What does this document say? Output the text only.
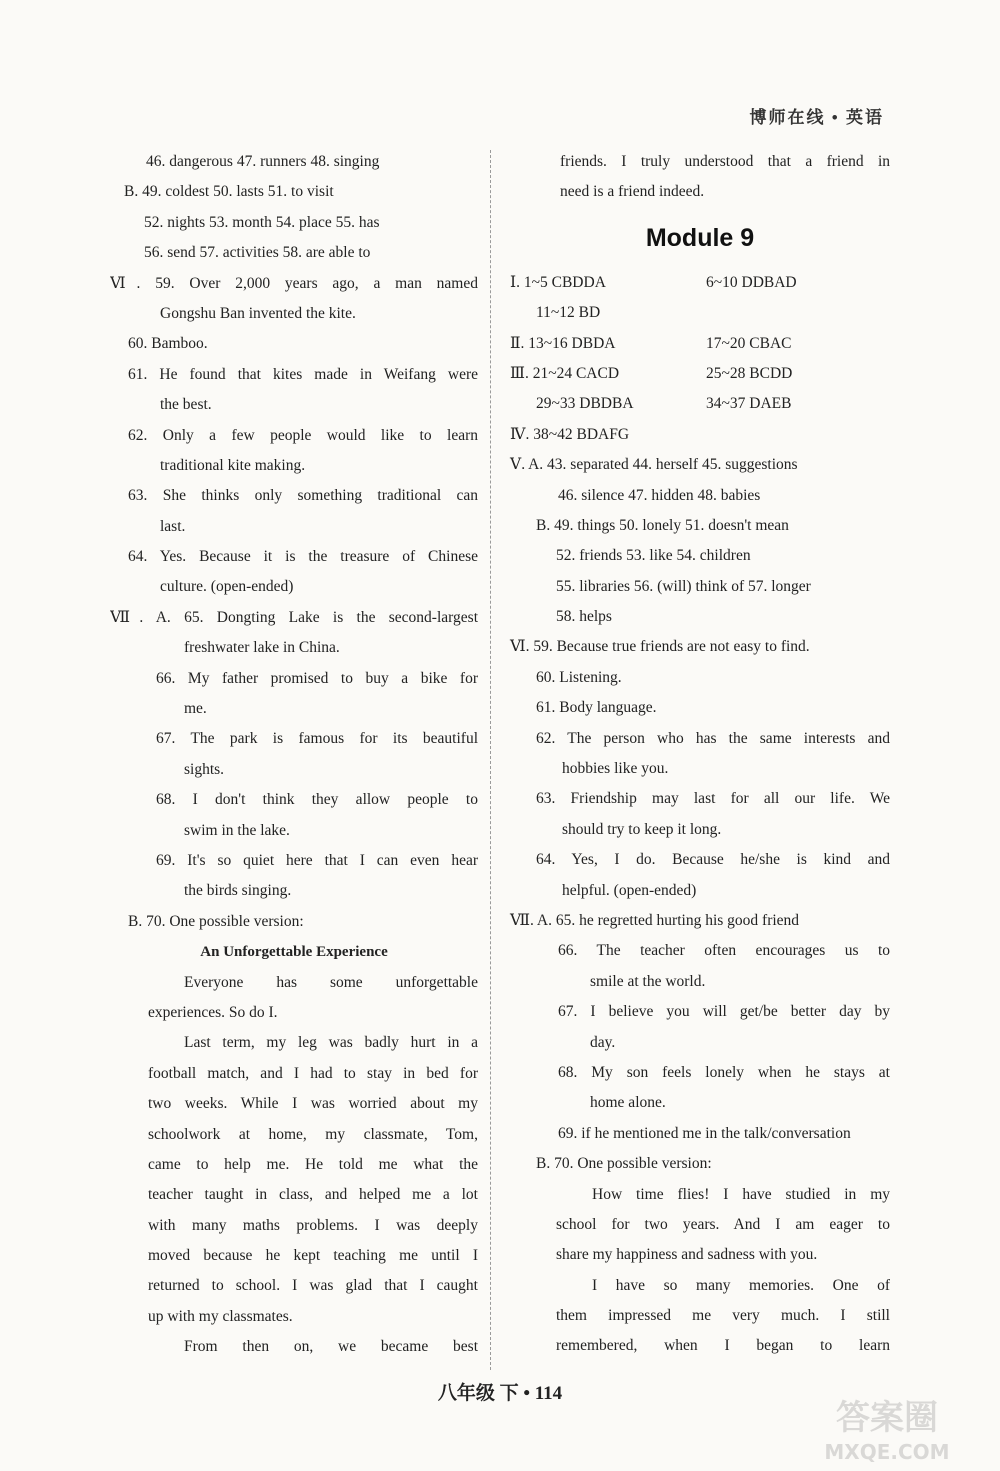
博师在线 • 英语
46. dangerous 47. runners 48. singing
B. 49. coldest 50. lasts 51. to visit
52. nights 53. month 54. place 55. has
56. send 57. activities 58. are able to
Ⅵ. 59. Over 2,000 years ago, a man named
Gongshu Ban invented the kite.
60. Bamboo.
61. He found that kites made in Weifang were
the best.
62. Only a few people would like to learn
traditional kite making.
63. She thinks only something traditional can
last.
64. Yes. Because it is the treasure of Chinese
culture. (open-ended)
Ⅶ. A. 65. Dongting Lake is the second-largest
freshwater lake in China.
66. My father promised to buy a bike for
me.
67. The park is famous for its beautiful
sights.
68. I don't think they allow people to
swim in the lake.
69. It's so quiet here that I can even hear
the birds singing.
B. 70. One possible version:
An Unforgettable Experience
Everyone has some unforgettable
experiences. So do I.
Last term, my leg was badly hurt in a
football match, and I had to stay in bed for
two weeks. While I was worried about my
schoolwork at home, my classmate, Tom,
came to help me. He told me what the
teacher taught in class, and helped me a lot
with many maths problems. I was deeply
moved because he kept teaching me until I
returned to school. I was glad that I caught
up with my classmates.
From then on, we became best
friends. I truly understood that a friend in
need is a friend indeed.
Module 9
Ⅰ. 1~5 CBDDA	6~10 DDBAD
11~12 BD
Ⅱ. 13~16 DBDA	17~20 CBAC
Ⅲ. 21~24 CACD	25~28 BCDD
29~33 DBDBA	34~37 DAEB
Ⅳ. 38~42 BDAFG
Ⅴ. A. 43. separated 44. herself 45. suggestions
46. silence 47. hidden 48. babies
B. 49. things 50. lonely 51. doesn't mean
52. friends 53. like 54. children
55. libraries 56. (will) think of 57. longer
58. helps
Ⅵ. 59. Because true friends are not easy to find.
60. Listening.
61. Body language.
62. The person who has the same interests and
hobbies like you.
63. Friendship may last for all our life. We
should try to keep it long.
64. Yes, I do. Because he/she is kind and
helpful. (open-ended)
Ⅶ. A. 65. he regretted hurting his good friend
66. The teacher often encourages us to
smile at the world.
67. I believe you will get/be better day by
day.
68. My son feels lonely when he stays at
home alone.
69. if he mentioned me in the talk/conversation
B. 70. One possible version:
How time flies! I have studied in my
school for two years. And I am eager to
share my happiness and sadness with you.
I have so many memories. One of
them impressed me very much. I still
remembered, when I began to learn
八年级 下 • 114
答案圈
MXQE.COM
